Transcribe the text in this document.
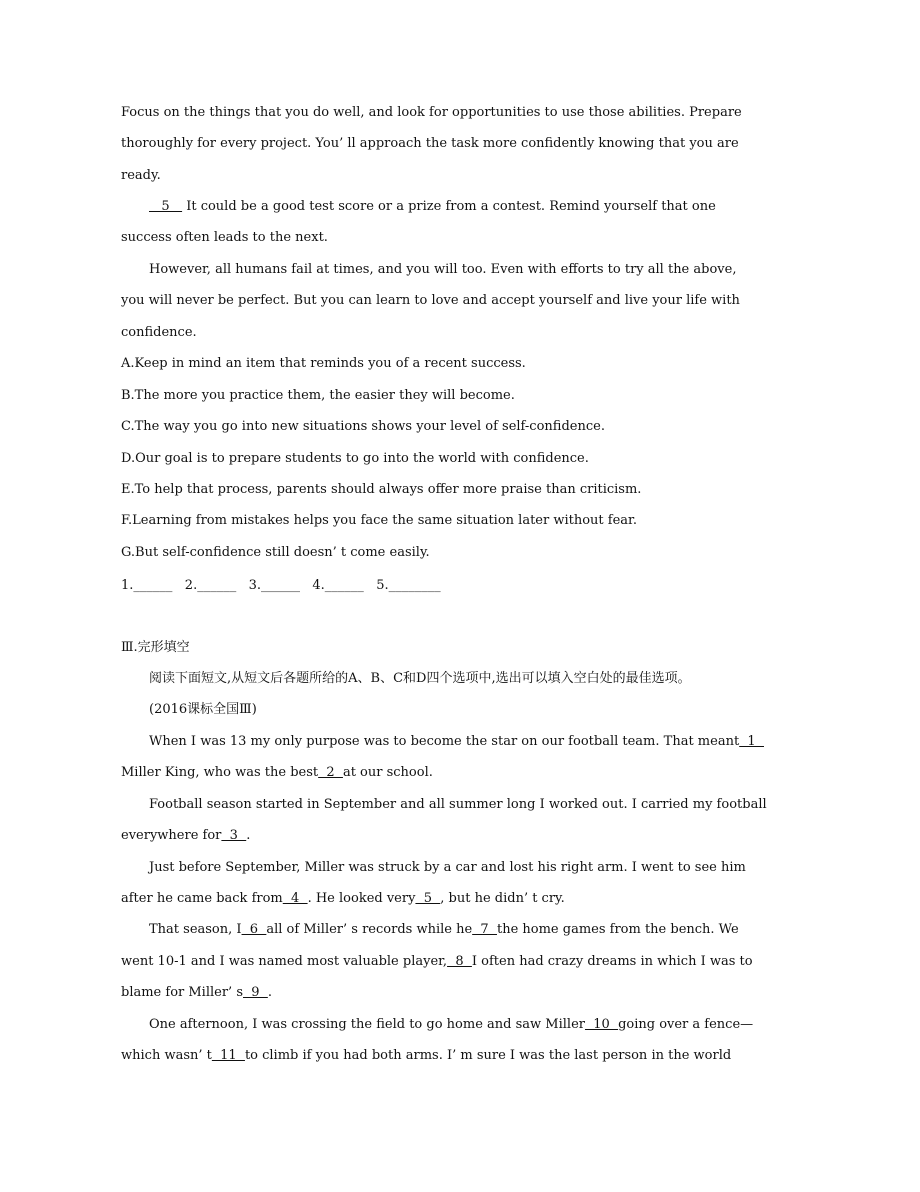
Focus on the things that you do well, and look for opportunities to use those abilities. Prepare
thoroughly for every project. You’ ll approach the task more confidently knowing that you are
ready.
5    It could be a good test score or a prize from a contest. Remind yourself that one
success often leads to the next.
However, all humans fail at times, and you will too. Even with efforts to try all the above,
you will never be perfect. But you can learn to love and accept yourself and live your life with
confidence.
A.Keep in mind an item that reminds you of a recent success.
B.The more you practice them, the easier they will become.
C.The way you go into new situations shows your level of self-confidence.
D.Our goal is to prepare students to go into the world with confidence.
E.To help that process, parents should always offer more praise than criticism.
F.Learning from mistakes helps you face the same situation later without fear.
G.But self-confidence still doesn’ t come easily.
1.______   2.______   3.______   4.______   5.________
Ⅲ.完形填空
阅读下面短文,从短文后各题所给的A、B、C和D四个选项中,选出可以填入空白处的最佳选项。
(2016课标全国Ⅲ)
When I was 13 my only purpose was to become the star on our football team. That meant  1
Miller King, who was the best  2  at our school.
Football season started in September and all summer long I worked out. I carried my football
everywhere for  3  .
Just before September, Miller was struck by a car and lost his right arm. I went to see him
after he came back from  4  . He looked very  5  , but he didn’ t cry.
That season, I  6  all of Miller’ s records while he  7  the home games from the bench. We
went 10-1 and I was named most valuable player,  8  I often had crazy dreams in which I was to
blame for Miller’ s  9  .
One afternoon, I was crossing the field to go home and saw Miller  10  going over a fence—
which wasn’ t  11  to climb if you had both arms. I’ m sure I was the last person in the world
